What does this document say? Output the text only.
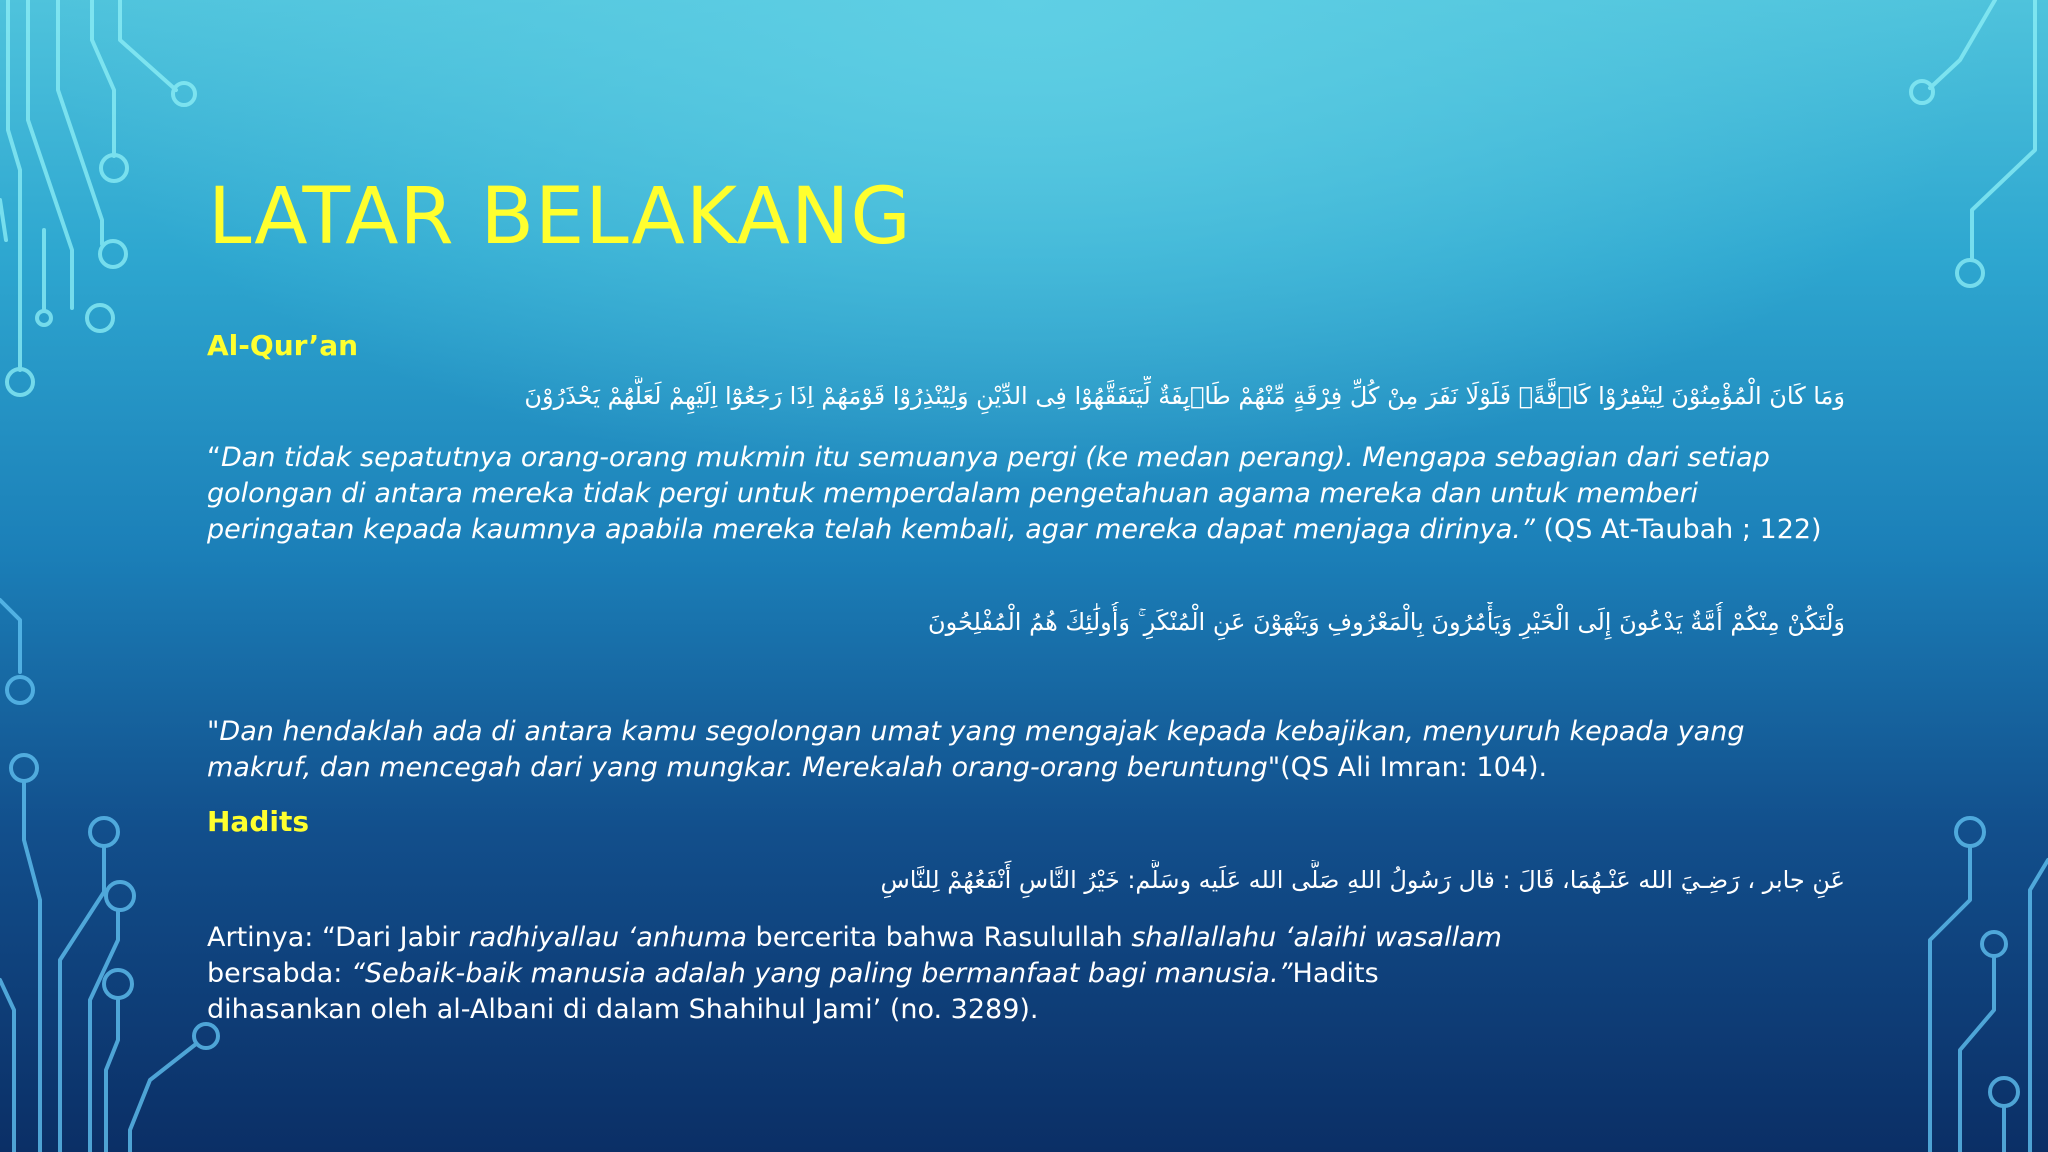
LATAR BELAKANG
Al-Qur’an
وَمَا كَانَ الْمُؤْمِنُوْنَ لِيَنْفِرُوْا كَاۤفَّةًۗ فَلَوْلَا نَفَرَ مِنْ كُلِّ فِرْقَةٍ مِّنْهُمْ طَاۤىِٕفَةٌ لِّيَتَفَقَّهُوْا فِى الدِّيْنِ وَلِيُنْذِرُوْا قَوْمَهُمْ اِذَا رَجَعُوْٓا اِلَيْهِمْ لَعَلَّهُمْ يَحْذَرُوْنَ

“Dan tidak sepatutnya orang-orang mukmin itu semuanya pergi (ke medan perang). Mengapa sebagian dari setiap golongan di antara mereka tidak pergi untuk memperdalam pengetahuan agama mereka dan untuk memberi peringatan kepada kaumnya apabila mereka telah kembali, agar mereka dapat menjaga dirinya.” (QS At-Taubah ; 122)

وَلْتَكُنْ مِنْكُمْ أُمَّةٌ يَدْعُونَ إِلَى الْخَيْرِ وَيَأْمُرُونَ بِالْمَعْرُوفِ وَيَنْهَوْنَ عَنِ الْمُنْكَرِ ۚ وَأُولَٰئِكَ هُمُ الْمُفْلِحُونَ

"Dan hendaklah ada di antara kamu segolongan umat yang mengajak kepada kebajikan, menyuruh kepada yang makruf, dan mencegah dari yang mungkar. Merekalah orang-orang beruntung"(QS Ali Imran: 104).

Hadits
عَنِ جابر ، رَضِـيَ الله عَنْـهُمَا، قَالَ : قال رَسُولُ اللهِ صَلَّى الله عَلَيه وسَلَّم: خَيْرُ النَّاسِ أَنْفَعُهُمْ لِلنَّاسِ

Artinya: “Dari Jabir radhiyallau ‘anhuma bercerita bahwa Rasulullah shallallahu ‘alaihi wasallam bersabda: “Sebaik-baik manusia adalah yang paling bermanfaat bagi manusia.”Hadits dihasankan oleh al-Albani di dalam Shahihul Jami’ (no. 3289).
